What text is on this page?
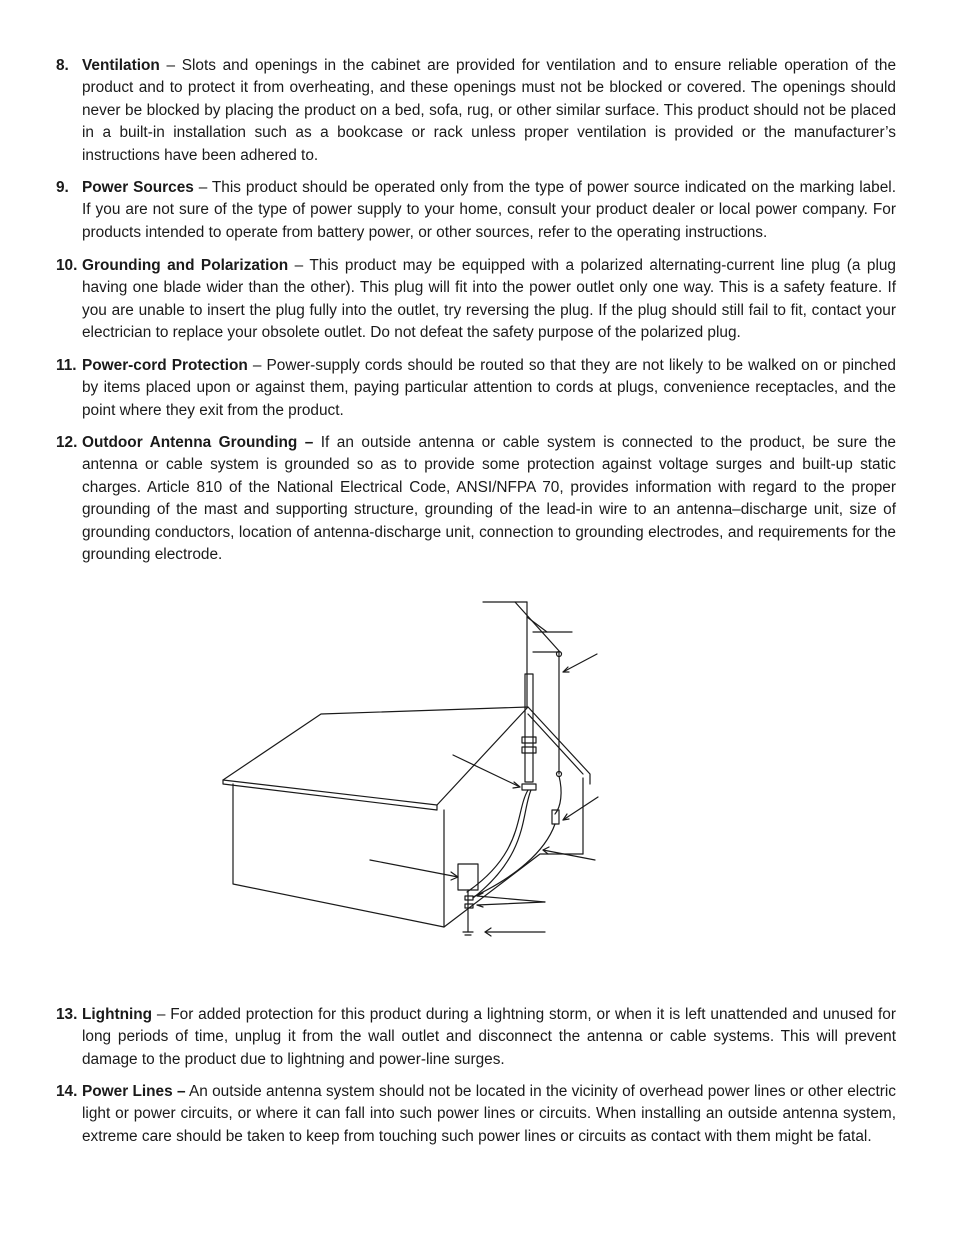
8. Ventilation – Slots and openings in the cabinet are provided for ventilation and to ensure reliable operation of the product and to protect it from overheating, and these openings must not be blocked or covered. The openings should never be blocked by placing the product on a bed, sofa, rug, or other similar surface. This product should not be placed in a built-in installation such as a bookcase or rack unless proper ventilation is provided or the manufacturer’s instructions have been adhered to.
9. Power Sources – This product should be operated only from the type of power source indicated on the marking label. If you are not sure of the type of power supply to your home, consult your product dealer or local power company. For products intended to operate from battery power, or other sources, refer to the operating instructions.
10. Grounding and Polarization – This product may be equipped with a polarized alternating-current line plug (a plug having one blade wider than the other). This plug will fit into the power outlet only one way. This is a safety feature. If you are unable to insert the plug fully into the outlet, try reversing the plug. If the plug should still fail to fit, contact your electrician to replace your obsolete outlet. Do not defeat the safety purpose of the polarized plug.
11. Power-cord Protection – Power-supply cords should be routed so that they are not likely to be walked on or pinched by items placed upon or against them, paying particular attention to cords at plugs, convenience receptacles, and the point where they exit from the product.
12. Outdoor Antenna Grounding – If an outside antenna or cable system is connected to the product, be sure the antenna or cable system is grounded so as to provide some protection against voltage surges and built-up static charges. Article 810 of the National Electrical Code, ANSI/NFPA 70, provides information with regard to the proper grounding of the mast and supporting structure, grounding of the lead-in wire to an antenna–discharge unit, size of grounding conductors, location of antenna-discharge unit, connection to grounding electrodes, and requirements for the grounding electrode.
13. Lightning – For added protection for this product during a lightning storm, or when it is left unattended and unused for long periods of time, unplug it from the wall outlet and disconnect the antenna or cable systems. This will prevent damage to the product due to lightning and power-line surges.
14. Power Lines – An outside antenna system should not be located in the vicinity of overhead power lines or other electric light or power circuits, or where it can fall into such power lines or circuits. When installing an outside antenna system, extreme care should be taken to keep from touching such power lines or circuits as contact with them might be fatal.
